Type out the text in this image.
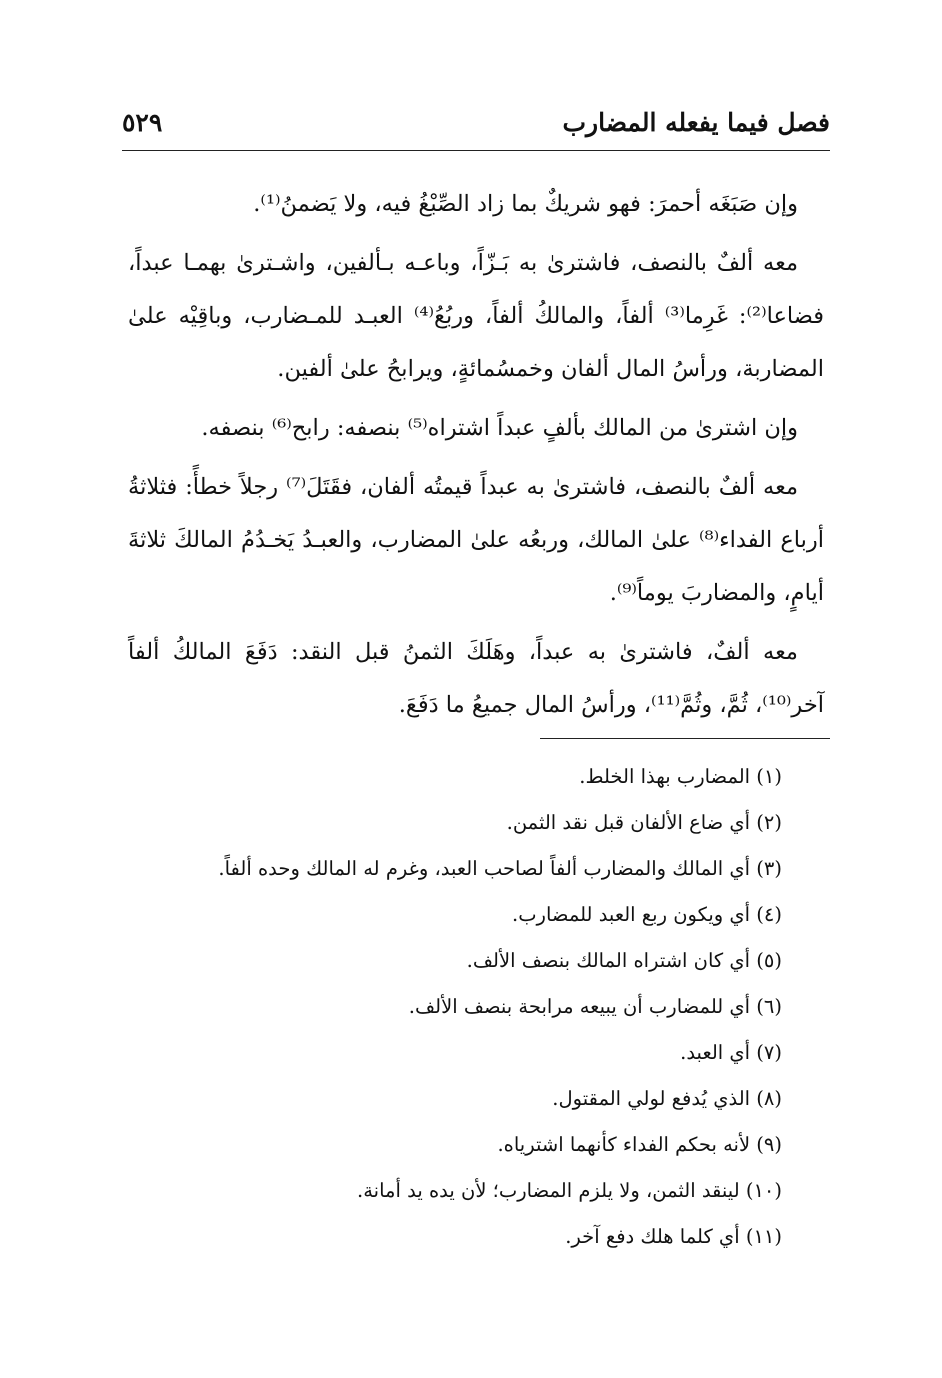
فصل فيما يفعله المضارب
٥٢٩

وإن صَبَغَه أحمرَ: فهو شريكٌ بما زاد الصِّبْغُ فيه، ولا يَضمنُ⁽¹⁾.

معه ألفٌ بالنصف، فاشترىٰ به بَـزّاً، وباعـه بـألفين، واشـترىٰ بهمـا عبداً، فضاعا⁽²⁾: غَرِما⁽³⁾ ألفاً، والمالكُ ألفاً، وربُعُ⁽⁴⁾ العبـد للمـضارب، وباقِيْه علىٰ المضاربة، ورأسُ المال ألفان وخمسُمائةٍ، ويرابحُ علىٰ ألفين.

وإن اشترىٰ من المالك بألفٍ عبداً اشتراه⁽⁵⁾ بنصفه: رابح⁽⁶⁾ بنصفه.

معه ألفٌ بالنصف، فاشترىٰ به عبداً قيمتُه ألفان، فقَتَلَ⁽⁷⁾ رجلاً خطأً: فثلاثةُ أرباع الفداء⁽⁸⁾ علىٰ المالك، وربعُه علىٰ المضارب، والعبـدُ يَخـدُمُ المالكَ ثلاثةَ أيامٍ، والمضاربَ يوماً⁽⁹⁾.

معه ألفٌ، فاشترىٰ به عبداً، وهَلَكَ الثمنُ قبل النقد: دَفَعَ المالكُ ألفاً آخر⁽¹⁰⁾، ثُمَّ، وثُمَّ⁽¹¹⁾، ورأسُ المال جميعُ ما دَفَعَ.

(١) المضارب بهذا الخلط.
(٢) أي ضاع الألفان قبل نقد الثمن.
(٣) أي المالك والمضارب ألفاً لصاحب العبد، وغرم له المالك وحده ألفاً.
(٤) أي ويكون ربع العبد للمضارب.
(٥) أي كان اشتراه المالك بنصف الألف.
(٦) أي للمضارب أن يبيعه مرابحة بنصف الألف.
(٧) أي العبد.
(٨) الذي يُدفع لولي المقتول.
(٩) لأنه بحكم الفداء كأنهما اشترياه.
(١٠) لينقد الثمن، ولا يلزم المضارب؛ لأن يده يد أمانة.
(١١) أي كلما هلك دفع آخر.
